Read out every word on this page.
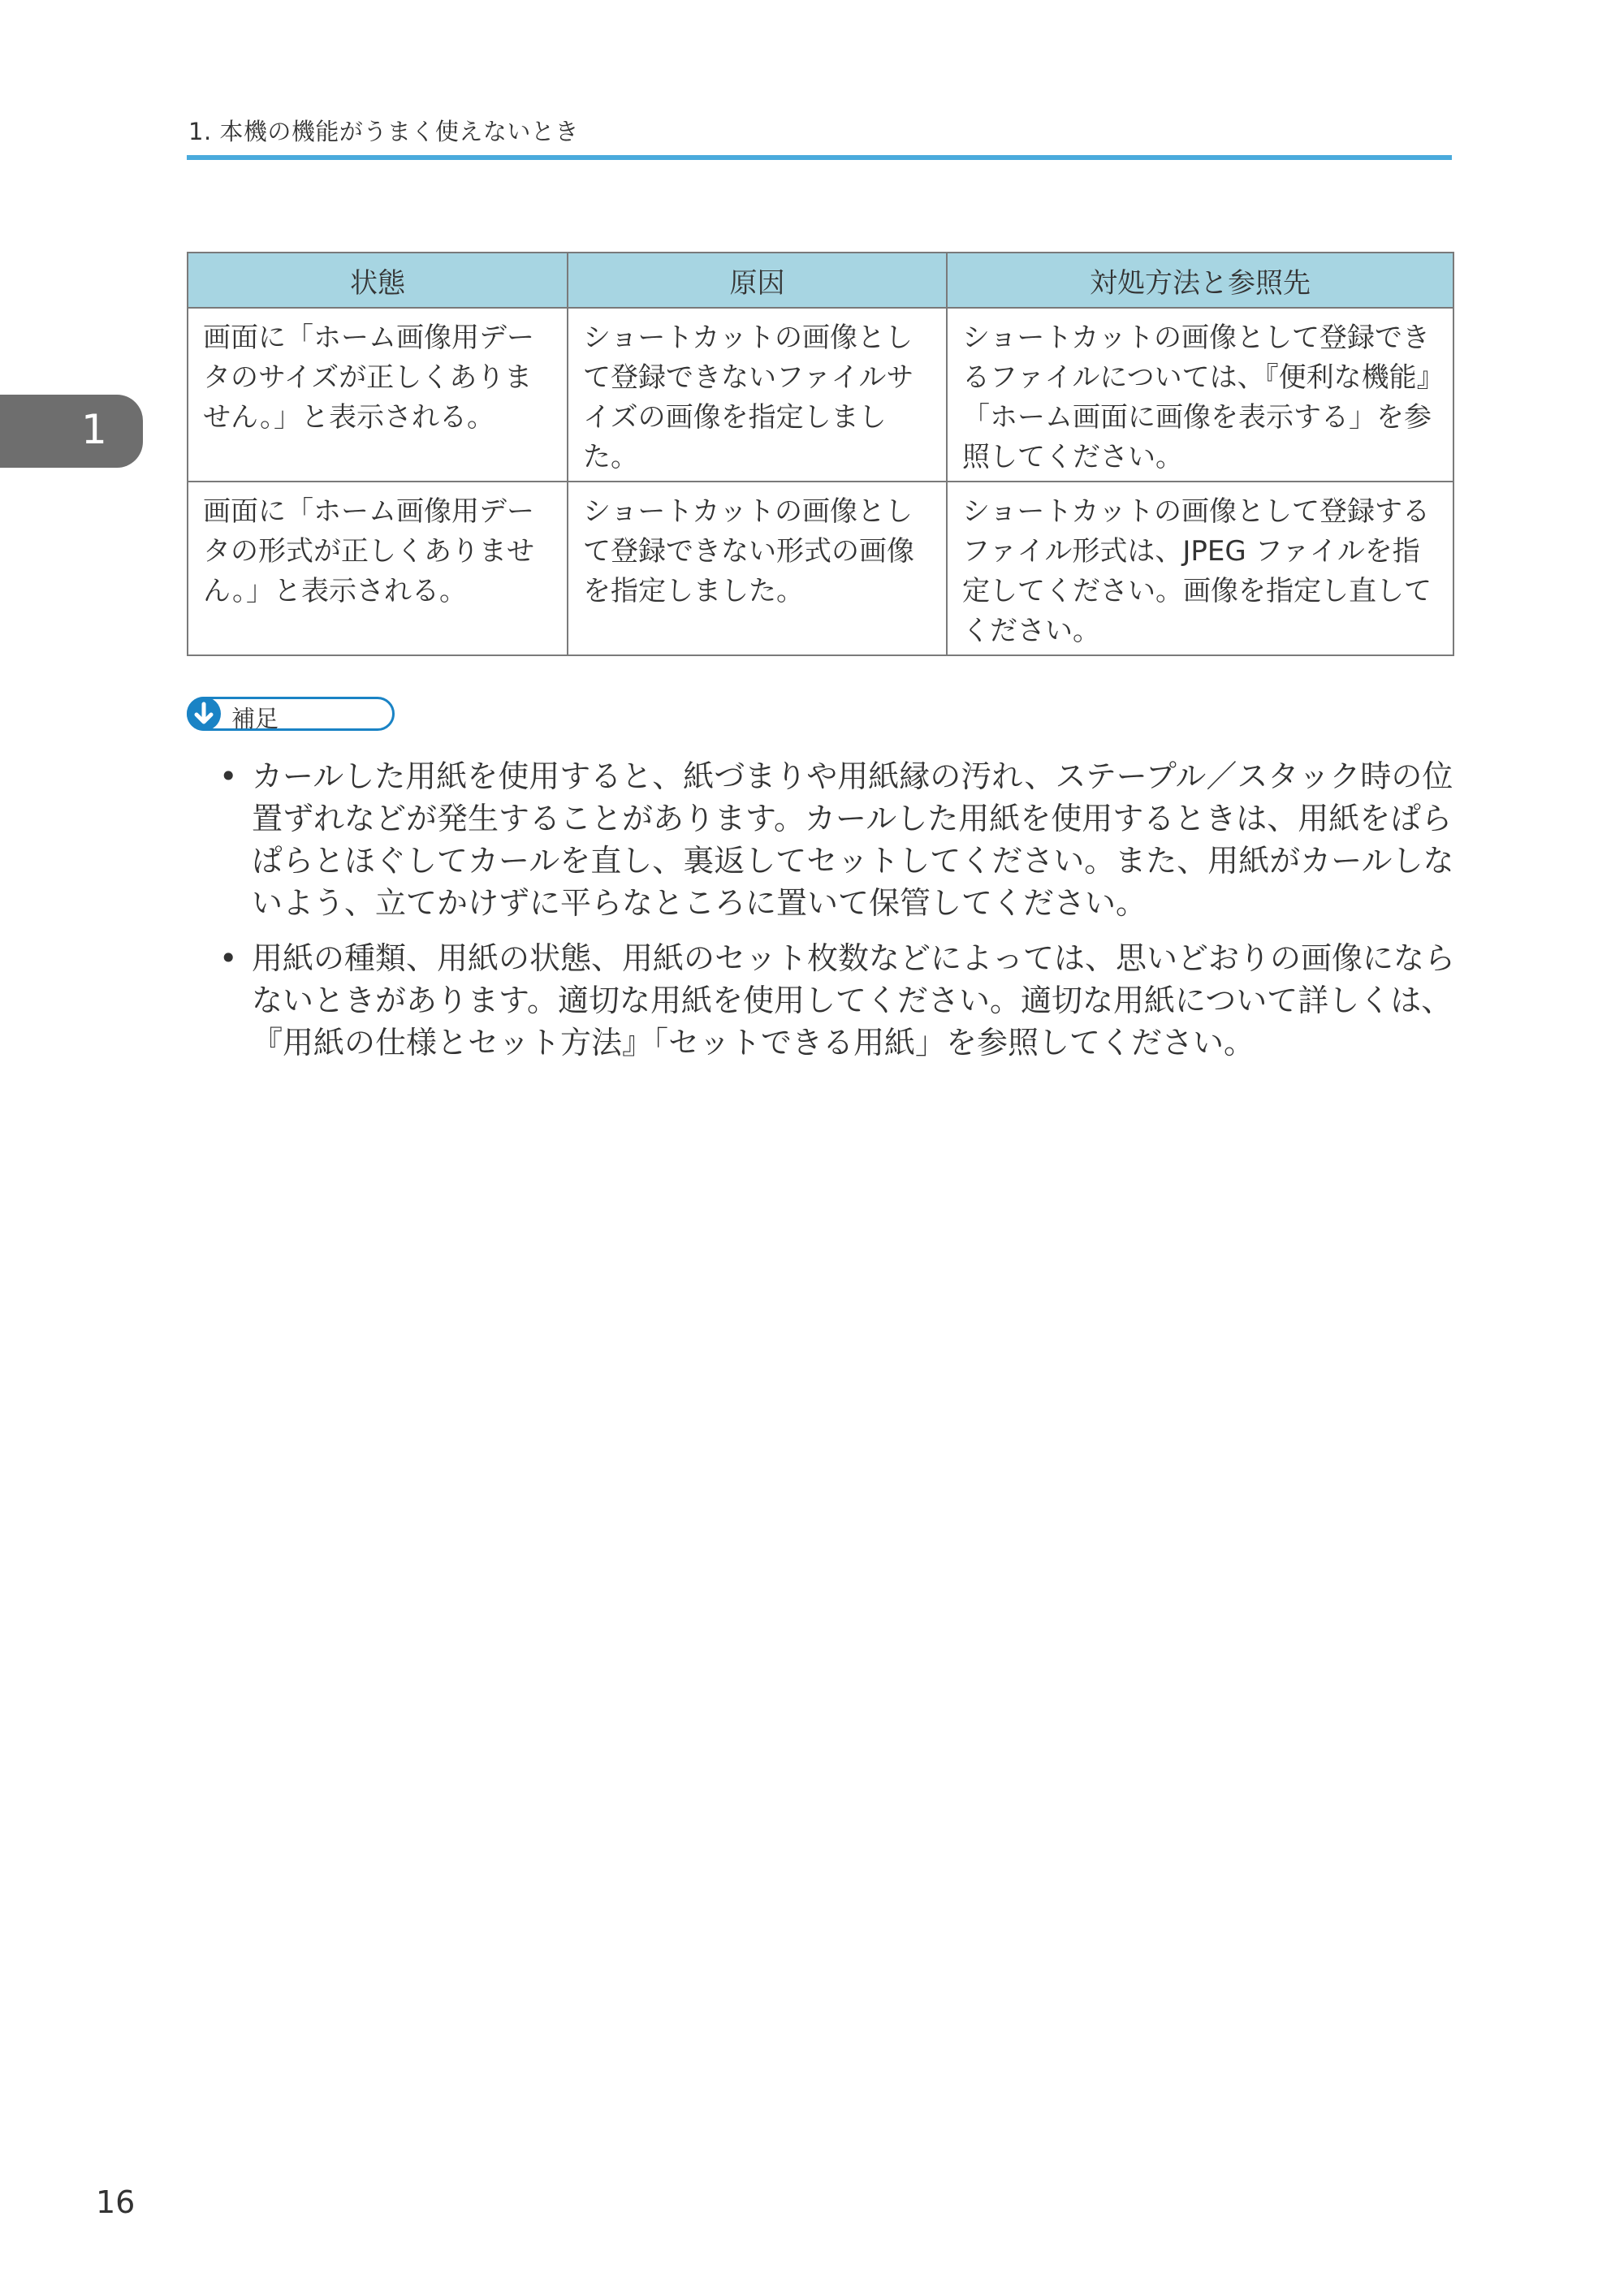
1. 本機の機能がうまく使えないとき
1
状態	原因	対処方法と参照先
画面に「ホーム画像用データのサイズが正しくありません。」と表示される。	ショートカットの画像として登録できないファイルサイズの画像を指定しました。	ショートカットの画像として登録できるファイルについては、『便利な機能』「ホーム画面に画像を表示する」を参照してください。
画面に「ホーム画像用データの形式が正しくありません。」と表示される。	ショートカットの画像として登録できない形式の画像を指定しました。	ショートカットの画像として登録するファイル形式は、JPEG ファイルを指定してください。画像を指定し直してください。
補足
• カールした用紙を使用すると、紙づまりや用紙縁の汚れ、ステープル／スタック時の位置ずれなどが発生することがあります。カールした用紙を使用するときは、用紙をぱらぱらとほぐしてカールを直し、裏返してセットしてください。また、用紙がカールしないよう、立てかけずに平らなところに置いて保管してください。
• 用紙の種類、用紙の状態、用紙のセット枚数などによっては、思いどおりの画像にならないときがあります。適切な用紙を使用してください。適切な用紙について詳しくは、『用紙の仕様とセット方法』「セットできる用紙」を参照してください。
16
